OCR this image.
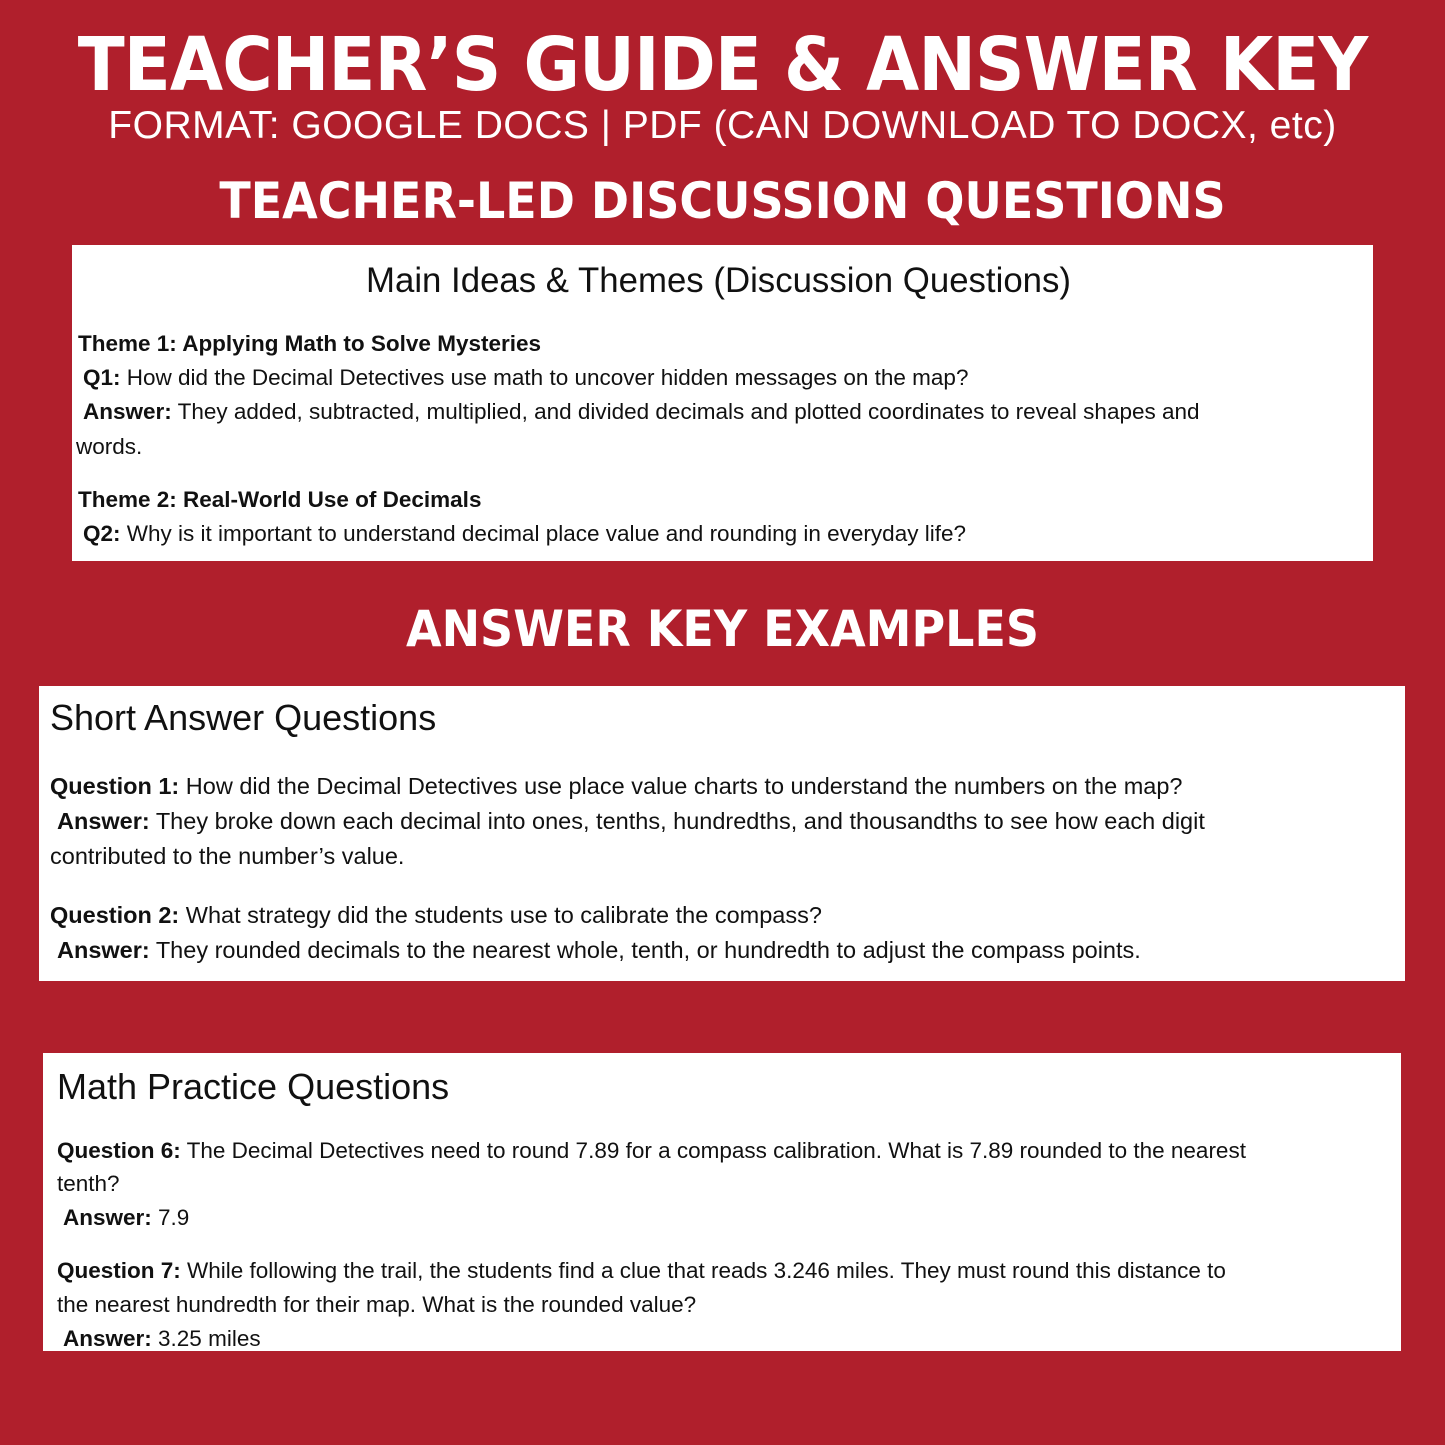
TEACHER’S GUIDE & ANSWER KEY
FORMAT: GOOGLE DOCS | PDF (CAN DOWNLOAD TO DOCX, etc)
TEACHER-LED DISCUSSION QUESTIONS
Main Ideas & Themes (Discussion Questions)
Theme 1: Applying Math to Solve Mysteries
Q1: How did the Decimal Detectives use math to uncover hidden messages on the map?
Answer: They added, subtracted, multiplied, and divided decimals and plotted coordinates to reveal shapes and
words.
Theme 2: Real-World Use of Decimals
Q2: Why is it important to understand decimal place value and rounding in everyday life?
ANSWER KEY EXAMPLES
Short Answer Questions
Question 1: How did the Decimal Detectives use place value charts to understand the numbers on the map?
Answer: They broke down each decimal into ones, tenths, hundredths, and thousandths to see how each digit
contributed to the number’s value.
Question 2: What strategy did the students use to calibrate the compass?
Answer: They rounded decimals to the nearest whole, tenth, or hundredth to adjust the compass points.
Math Practice Questions
Question 6: The Decimal Detectives need to round 7.89 for a compass calibration. What is 7.89 rounded to the nearest
tenth?
Answer: 7.9
Question 7: While following the trail, the students find a clue that reads 3.246 miles. They must round this distance to
the nearest hundredth for their map. What is the rounded value?
Answer: 3.25 miles
